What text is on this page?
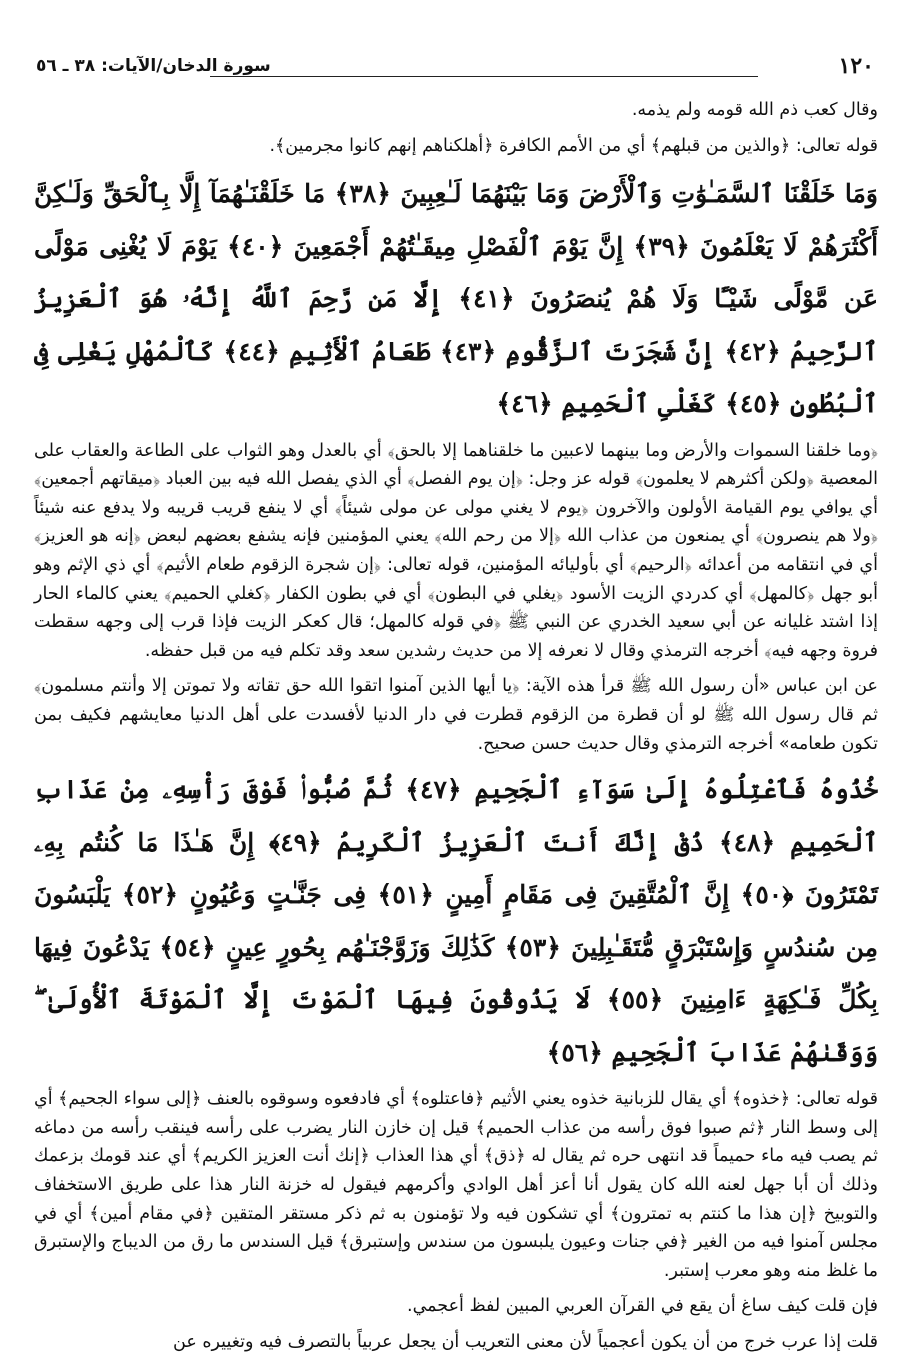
١٢٠
سورة الدخان/الآيات: ٣٨ ـ ٥٦

وقال كعب ذم الله قومه ولم يذمه.

قوله تعالى: ﴿والذين من قبلهم﴾ أي من الأمم الكافرة ﴿أهلكناهم إنهم كانوا مجرمين﴾.

وَمَا خَلَقْنَا ٱلسَّمَـٰوَٰتِ وَٱلْأَرْضَ وَمَا بَيْنَهُمَا لَـٰعِبِينَ ﴿٣٨﴾ مَا خَلَقْنَـٰهُمَآ إِلَّا بِٱلْحَقِّ وَلَـٰكِنَّ أَكْثَرَهُمْ لَا يَعْلَمُونَ ﴿٣٩﴾ إِنَّ يَوْمَ ٱلْفَصْلِ مِيقَـٰتُهُمْ أَجْمَعِينَ ﴿٤٠﴾ يَوْمَ لَا يُغْنِى مَوْلًى عَن مَّوْلًى شَيْـًٔا وَلَا هُمْ يُنصَرُونَ ﴿٤١﴾ إِلَّا مَن رَّحِمَ ٱللَّهُ إِنَّهُۥ هُوَ ٱلْعَزِيزُ ٱلرَّحِيمُ ﴿٤٢﴾ إِنَّ شَجَرَتَ ٱلزَّقُّومِ ﴿٤٣﴾ طَعَامُ ٱلْأَثِيمِ ﴿٤٤﴾ كَٱلْمُهْلِ يَغْلِى فِى ٱلْبُطُونِ ﴿٤٥﴾ كَغَلْىِ ٱلْحَمِيمِ ﴿٤٦﴾

﴿وما خلقنا السموات والأرض وما بينهما لاعبين ما خلقناهما إلا بالحق﴾ أي بالعدل وهو الثواب على الطاعة والعقاب على المعصية ﴿ولكن أكثرهم لا يعلمون﴾ قوله عز وجل: ﴿إن يوم الفصل﴾ أي الذي يفصل الله فيه بين العباد ﴿ميقاتهم أجمعين﴾ أي يوافي يوم القيامة الأولون والآخرون ﴿يوم لا يغني مولى عن مولى شيئاً﴾ أي لا ينفع قريب قريبه ولا يدفع عنه شيئاً ﴿ولا هم ينصرون﴾ أي يمنعون من عذاب الله ﴿إلا من رحم الله﴾ يعني المؤمنين فإنه يشفع بعضهم لبعض ﴿إنه هو العزيز﴾ أي في انتقامه من أعدائه ﴿الرحيم﴾ أي بأوليائه المؤمنين، قوله تعالى: ﴿إن شجرة الزقوم طعام الأثيم﴾ أي ذي الإثم وهو أبو جهل ﴿كالمهل﴾ أي كدردي الزيت الأسود ﴿يغلي في البطون﴾ أي في بطون الكفار ﴿كغلي الحميم﴾ يعني كالماء الحار إذا اشتد غليانه عن أبي سعيد الخدري عن النبي ﷺ ﴿في قوله كالمهل؛ قال كعكر الزيت فإذا قرب إلى وجهه سقطت فروة وجهه فيه﴾ أخرجه الترمذي وقال لا نعرفه إلا من حديث رشدين سعد وقد تكلم فيه من قبل حفظه.

عن ابن عباس «أن رسول الله ﷺ قرأ هذه الآية: ﴿يا أيها الذين آمنوا اتقوا الله حق تقاته ولا تموتن إلا وأنتم مسلمون﴾ ثم قال رسول الله ﷺ لو أن قطرة من الزقوم قطرت في دار الدنيا لأفسدت على أهل الدنيا معايشهم فكيف بمن تكون طعامه» أخرجه الترمذي وقال حديث حسن صحيح.

خُذُوهُ فَٱعْتِلُوهُ إِلَىٰ سَوَآءِ ٱلْجَحِيمِ ﴿٤٧﴾ ثُمَّ صُبُّوا۟ فَوْقَ رَأْسِهِۦ مِنْ عَذَابِ ٱلْحَمِيمِ ﴿٤٨﴾ ذُقْ إِنَّكَ أَنتَ ٱلْعَزِيزُ ٱلْكَرِيمُ ﴿٤٩﴾ إِنَّ هَـٰذَا مَا كُنتُم بِهِۦ تَمْتَرُونَ ﴿٥٠﴾ إِنَّ ٱلْمُتَّقِينَ فِى مَقَامٍ أَمِينٍ ﴿٥١﴾ فِى جَنَّـٰتٍ وَعُيُونٍ ﴿٥٢﴾ يَلْبَسُونَ مِن سُندُسٍ وَإِسْتَبْرَقٍ مُّتَقَـٰبِلِينَ ﴿٥٣﴾ كَذَٰلِكَ وَزَوَّجْنَـٰهُم بِحُورٍ عِينٍ ﴿٥٤﴾ يَدْعُونَ فِيهَا بِكُلِّ فَـٰكِهَةٍ ءَامِنِينَ ﴿٥٥﴾ لَا يَذُوقُونَ فِيهَا ٱلْمَوْتَ إِلَّا ٱلْمَوْتَةَ ٱلْأُولَىٰ ۖ وَوَقَىٰهُمْ عَذَابَ ٱلْجَحِيمِ ﴿٥٦﴾

قوله تعالى: ﴿خذوه﴾ أي يقال للزبانية خذوه يعني الأثيم ﴿فاعتلوه﴾ أي فادفعوه وسوقوه بالعنف ﴿إلى سواء الجحيم﴾ أي إلى وسط النار ﴿ثم صبوا فوق رأسه من عذاب الحميم﴾ قيل إن خازن النار يضرب على رأسه فينقب رأسه من دماغه ثم يصب فيه ماء حميماً قد انتهى حره ثم يقال له ﴿ذق﴾ أي هذا العذاب ﴿إنك أنت العزيز الكريم﴾ أي عند قومك بزعمك وذلك أن أبا جهل لعنه الله كان يقول أنا أعز أهل الوادي وأكرمهم فيقول له خزنة النار هذا على طريق الاستخفاف والتوبيخ ﴿إن هذا ما كنتم به تمترون﴾ أي تشكون فيه ولا تؤمنون به ثم ذكر مستقر المتقين ﴿في مقام أمين﴾ أي في مجلس آمنوا فيه من الغير ﴿في جنات وعيون يلبسون من سندس وإستبرق﴾ قيل السندس ما رق من الديباج والإستبرق ما غلظ منه وهو معرب إستبر.

فإن قلت كيف ساغ أن يقع في القرآن العربي المبين لفظ أعجمي.

قلت إذا عرب خرج من أن يكون أعجمياً لأن معنى التعريب أن يجعل عربياً بالتصرف فيه وتغييره عن
